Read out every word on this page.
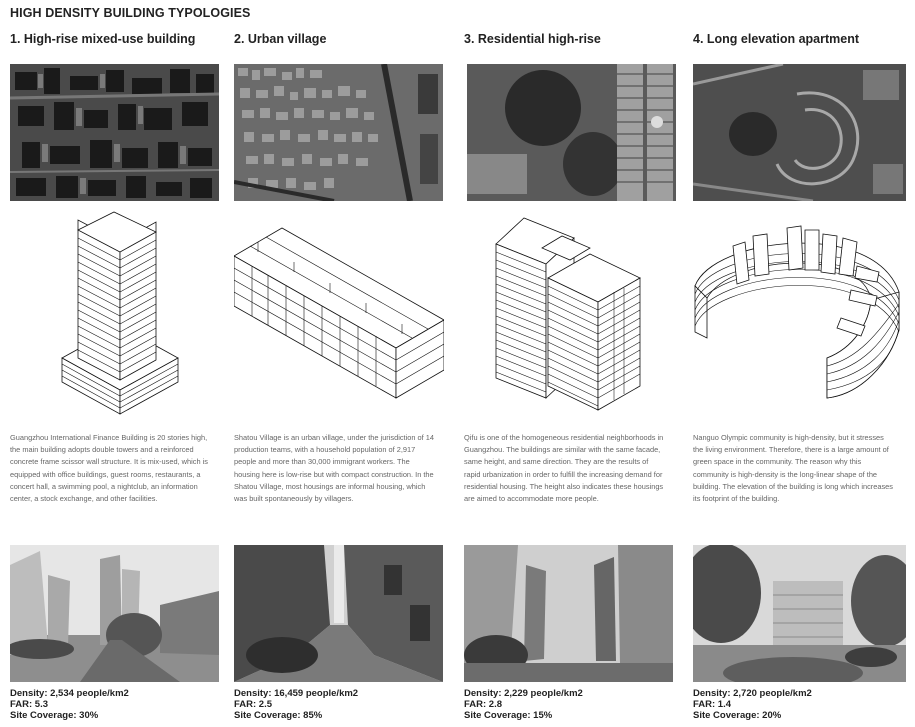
HIGH DENSITY BUILDING TYPOLOGIES
1. High-rise mixed-use building
Guangzhou International Finance Building is 20 stories high, the main building adopts double towers and a reinforced concrete frame scissor wall structure. It is mix-used, which is equipped with office buildings, guest rooms, restaurants, a concert hall, a swimming pool, a nightclub, an information center, a stock exchange, and other facilities.
Density: 2,534 people/km2
FAR: 5.3
Site Coverage: 30%
2. Urban village
Shatou Village is an urban village, under the jurisdiction of 14 production teams, with a household population of 2,917 people and more than 30,000 immigrant workers. The housing here is low-rise but with compact construction. In the Shatou Village, most housings are informal housing, which was built spontaneously by villagers.
Density: 16,459 people/km2
FAR: 2.5
Site Coverage: 85%
3. Residential high-rise
Qifu is one of the homogeneous residential neighborhoods in Guangzhou. The buildings are similar with the same facade, same height, and same direction. They are the results of rapid urbanization in order to fulfill the increasing demand for residential housing. The height also indicates these housings are aimed to accommodate more people.
Density: 2,229 people/km2
FAR: 2.8
Site Coverage: 15%
4. Long elevation apartment
Nanguo Olympic community is high-density, but it stresses the living environment. Therefore, there is a large amount of green space in the community. The reason why this community is high-density is the long-linear shape of the building. The elevation of the building is long which increases its footprint of the building.
Density: 2,720 people/km2
FAR: 1.4
Site Coverage: 20%
